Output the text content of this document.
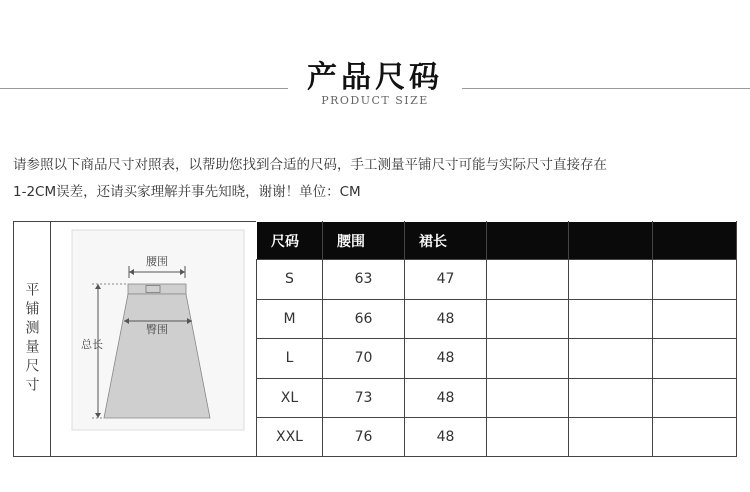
产品尺码
PRODUCT SIZE

请参照以下商品尺寸对照表，以帮助您找到合适的尺码，手工测量平铺尺寸可能与实际尺寸直接存在

1-2CM误差，还请买家理解并事先知晓，谢谢！单位：CM

平铺测量尺寸
腰围
臀围
总长
尺码	腰围	裙长			
S	63	47			
M	66	48			
L	70	48			
XL	73	48			
XXL	76	48			
